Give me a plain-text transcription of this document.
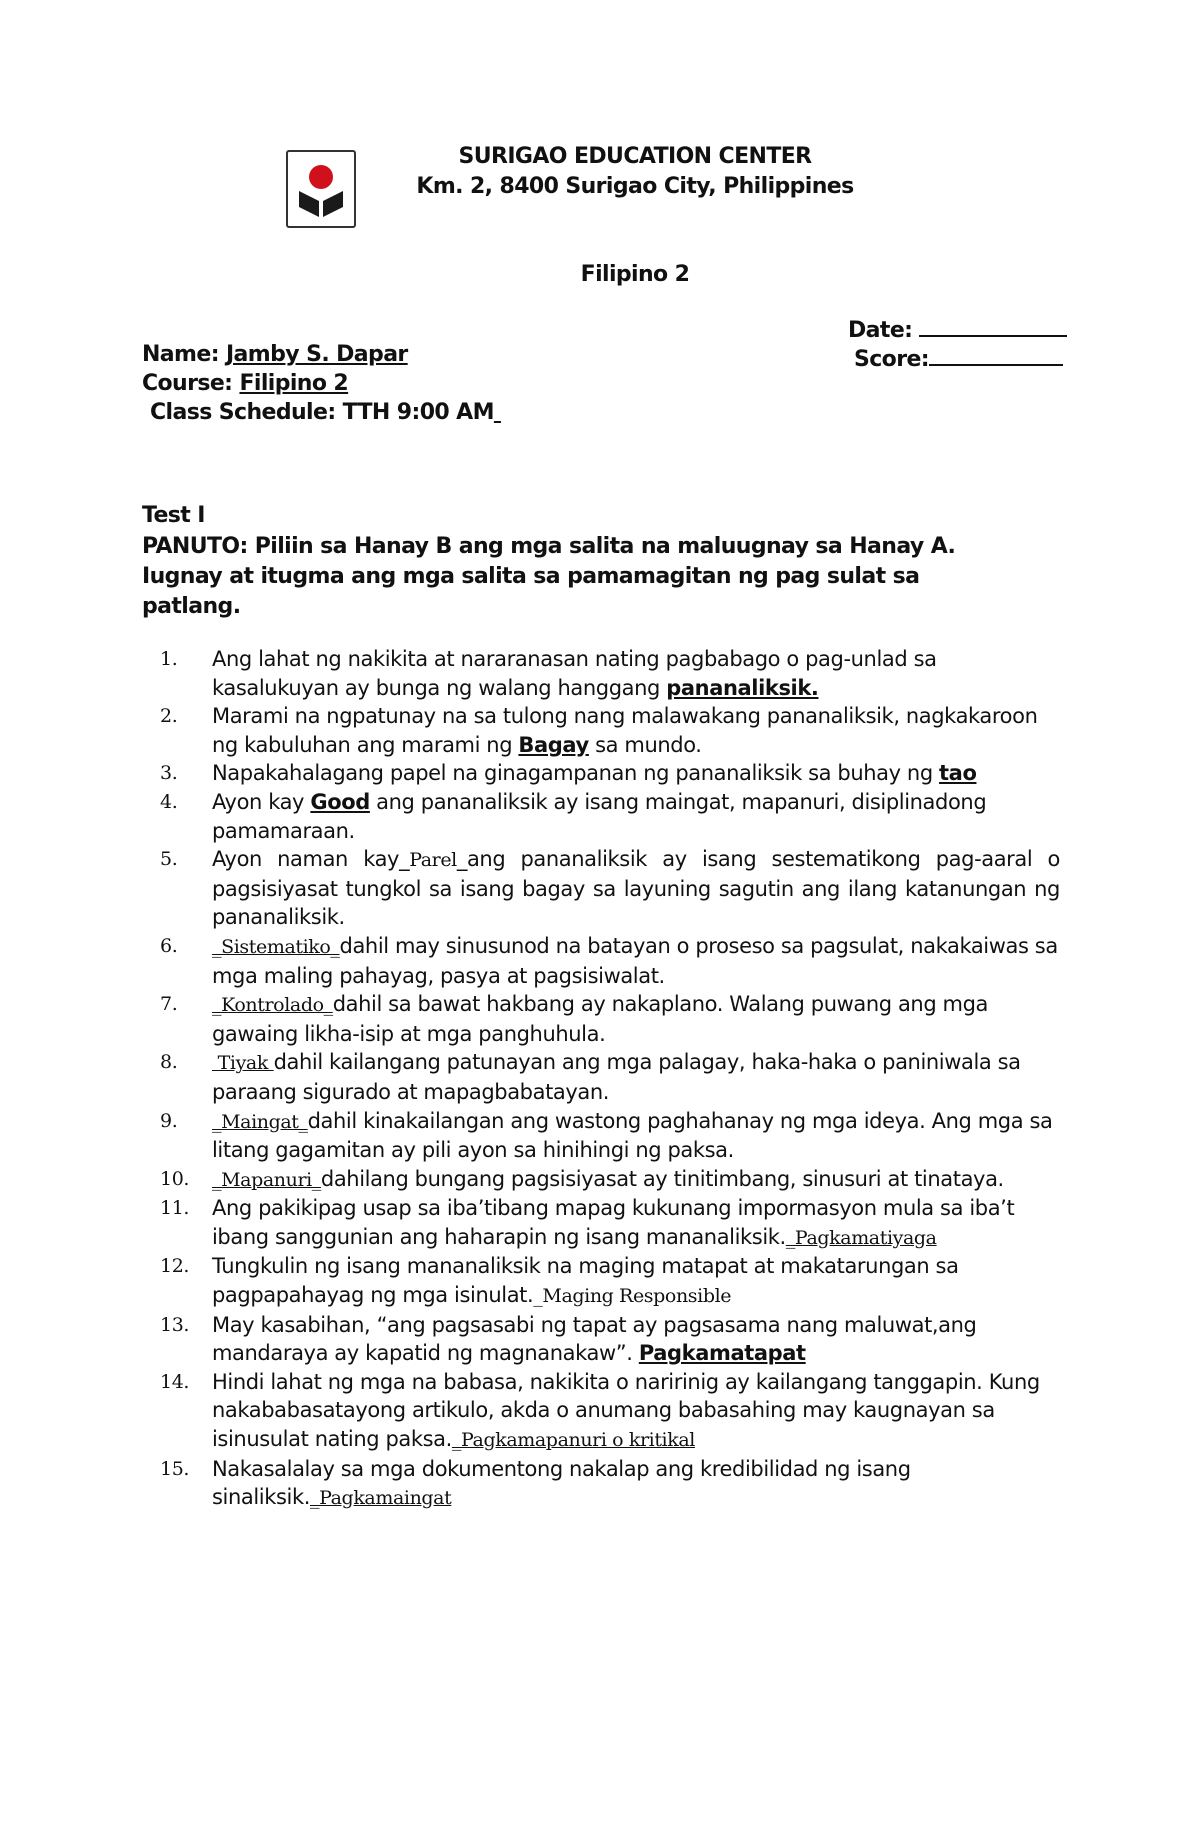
SURIGAO EDUCATION CENTER
Km. 2, 8400 Surigao City, Philippines
Filipino 2
Date:
Score:
Name: Jamby S. Dapar
Course: Filipino 2
Class Schedule: TTH 9:00 AM
Test I
PANUTO: Piliin sa Hanay B ang mga salita na maluugnay sa Hanay A. Iugnay at itugma ang mga salita sa pamamagitan ng pag sulat sa patlang.
1.	Ang lahat ng nakikita at nararanasan nating pagbabago o pag-unlad sa kasalukuyan ay bunga ng walang hanggang pananaliksik.
2.	Marami na ngpatunay na sa tulong nang malawakang pananaliksik, nagkakaroon ng kabuluhan ang marami ng Bagay sa mundo.
3.	Napakahalagang papel na ginagampanan ng pananaliksik sa buhay ng tao
4.	Ayon kay Good ang pananaliksik ay isang maingat, mapanuri, disiplinadong pamamaraan.
5.	Ayon naman kay_Parel_ang pananaliksik ay isang sestematikong pag-aaral o pagsisiyasat tungkol sa isang bagay sa layuning sagutin ang ilang katanungan ng pananaliksik.
6.	_Sistematiko_dahil may sinusunod na batayan o proseso sa pagsulat, nakakaiwas sa mga maling pahayag, pasya at pagsisiwalat.
7.	_Kontrolado_dahil sa bawat hakbang ay nakaplano. Walang puwang ang mga gawaing likha-isip at mga panghuhula.
8.	Tiyak dahil kailangang patunayan ang mga palagay, haka-haka o paniniwala sa paraang sigurado at mapagbabatayan.
9.	_Maingat_dahil kinakailangan ang wastong paghahanay ng mga ideya. Ang mga sa litang gagamitan ay pili ayon sa hinihingi ng paksa.
10.	_Mapanuri_dahilang bungang pagsisiyasat ay tinitimbang, sinusuri at tinataya.
11.	Ang pakikipag usap sa iba’tibang mapag kukunang impormasyon mula sa iba’t ibang sanggunian ang haharapin ng isang mananaliksik._Pagkamatiyaga
12.	Tungkulin ng isang mananaliksik na maging matapat at makatarungan sa pagpapahayag ng mga isinulat._Maging Responsible
13.	May kasabihan, “ang pagsasabi ng tapat ay pagsasama nang maluwat,ang mandaraya ay kapatid ng magnanakaw”. Pagkamatapat
14.	Hindi lahat ng mga na babasa, nakikita o naririnig ay kailangang tanggapin. Kung nakababasatayong artikulo, akda o anumang babasahing may kaugnayan sa isinusulat nating paksa._Pagkamapanuri o kritikal
15.	Nakasalalay sa mga dokumentong nakalap ang kredibilidad ng isang sinaliksik._Pagkamaingat
